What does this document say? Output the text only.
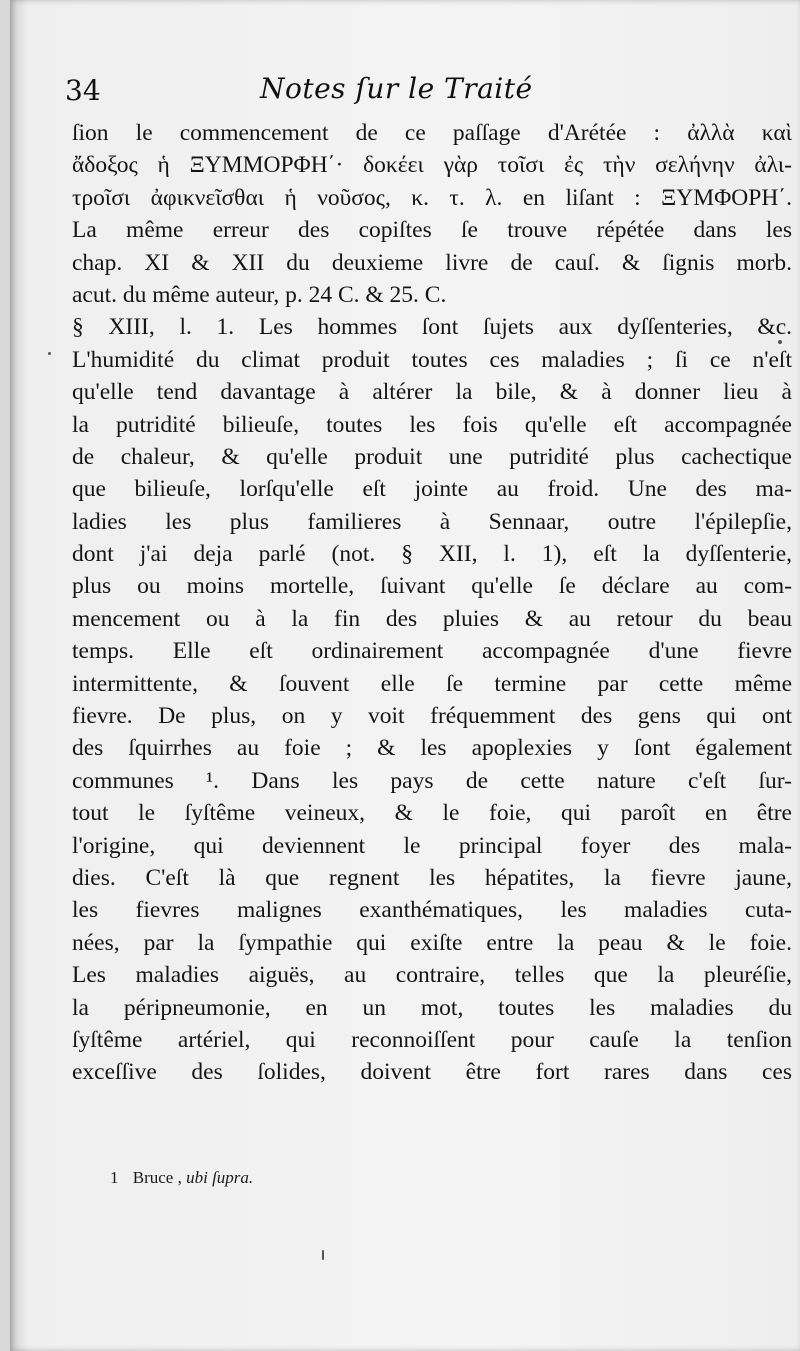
34	Notes ſur le Traité
ſion le commencement de ce paſſage d'Arétée : ἀλλὰ καὶ
ἄδοξος ἡ ΞΥΜΜΟΡΦΗ΄· δοκέει γὰρ τοῖσι ἐς τὴν σελήνην ἀλι-
τροῖσι ἀφικνεῖσθαι ἡ νοῦσος, κ. τ. λ. en liſant : ΞΥΜΦΟΡΗ΄.
La même erreur des copiſtes ſe trouve répétée dans les
chap. XI & XII du deuxieme livre de cauſ. & ſignis morb.
acut. du même auteur, p. 24 C. & 25. C.
§ XIII, l. 1. Les hommes ſont ſujets aux dyſſenteries, &c.
L'humidité du climat produit toutes ces maladies ; ſi ce n'eſt
qu'elle tend davantage à altérer la bile, & à donner lieu à
la putridité bilieuſe, toutes les fois qu'elle eſt accompagnée
de chaleur, & qu'elle produit une putridité plus cachectique
que bilieuſe, lorſqu'elle eſt jointe au froid. Une des ma-
ladies les plus familieres à Sennaar, outre l'épilepſie,
dont j'ai deja parlé (not. § XII, l. 1), eſt la dyſſenterie,
plus ou moins mortelle, ſuivant qu'elle ſe déclare au com-
mencement ou à la fin des pluies & au retour du beau
temps. Elle eſt ordinairement accompagnée d'une fievre
intermittente, & ſouvent elle ſe termine par cette même
fievre. De plus, on y voit fréquemment des gens qui ont
des ſquirrhes au foie ; & les apoplexies y ſont également
communes ¹. Dans les pays de cette nature c'eſt ſur-
tout le ſyſtême veineux, & le foie, qui paroît en être
l'origine, qui deviennent le principal foyer des mala-
dies. C'eſt là que regnent les hépatites, la fievre jaune,
les fievres malignes exanthématiques, les maladies cuta-
nées, par la ſympathie qui exiſte entre la peau & le foie.
Les maladies aiguës, au contraire, telles que la pleuréſie,
la péripneumonie, en un mot, toutes les maladies du
ſyſtême artériel, qui reconnoiſſent pour cauſe la tenſion
exceſſive des ſolides, doivent être fort rares dans ces
1 Bruce , ubi ſupra.
